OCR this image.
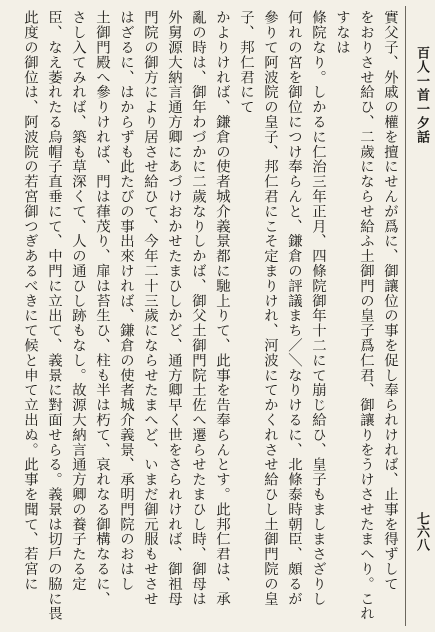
百人一首一夕話
七六八

實父子、外戚の權を擅にせんが爲に、御讓位の事を促し奉られければ、止事を得ずして

をおりさせ給ひ、二歲にならせ給ふ土御門の皇子爲仁君、御讓りをうけさせたまへり。これすなは

條院なり。しかるに仁治三年正月、四條院御年十二にて崩じ給ひ、皇子もましまさざりし

何れの宮を御位につけ奉らんと、鎌倉の評議まち／＼なりけるに、北條泰時朝臣、頗るが

參りて阿波院の皇子、邦仁君にこそ定まりけれ、河波にてかくれさせ給ひし土御門院の皇子、邦仁君にて

かよりければ、鎌倉の使者城介義景都に馳上りて、此事を告奉らんとす。此邦仁君は、承

亂の時は、御年わづかに二歲なりしかば、御父土御門院土佐へ遷らせたまひし時、御母は

外舅源大納言通方卿にあづけおかせたまひしかど、通方卿早く世をさられければ、御祖母

門院の御方により居させ給ひて、今年二十三歲にならせたまへど、いまだ御元服もせさせ

はざるに、はからずも此たびの事出來ければ、鎌倉の使者城介義景、承明門院のおはし

土御門殿へ參りければ、門は葎茂り、扉は苔生ひ、柱も半は朽て、哀れなる御構なるに、

さし入てみれば、築も草深くて、人の通ひし跡もなし。故源大納言通方卿の養子たる定

臣、なえ萎れたる烏帽子直垂にて、中門に立出て、義景に對面せらる。義景は切戶の脇に畏

此度の御位は、阿波院の若宮御つぎあるべきにて候と申て立出ぬ。此事を聞て、若宮に
